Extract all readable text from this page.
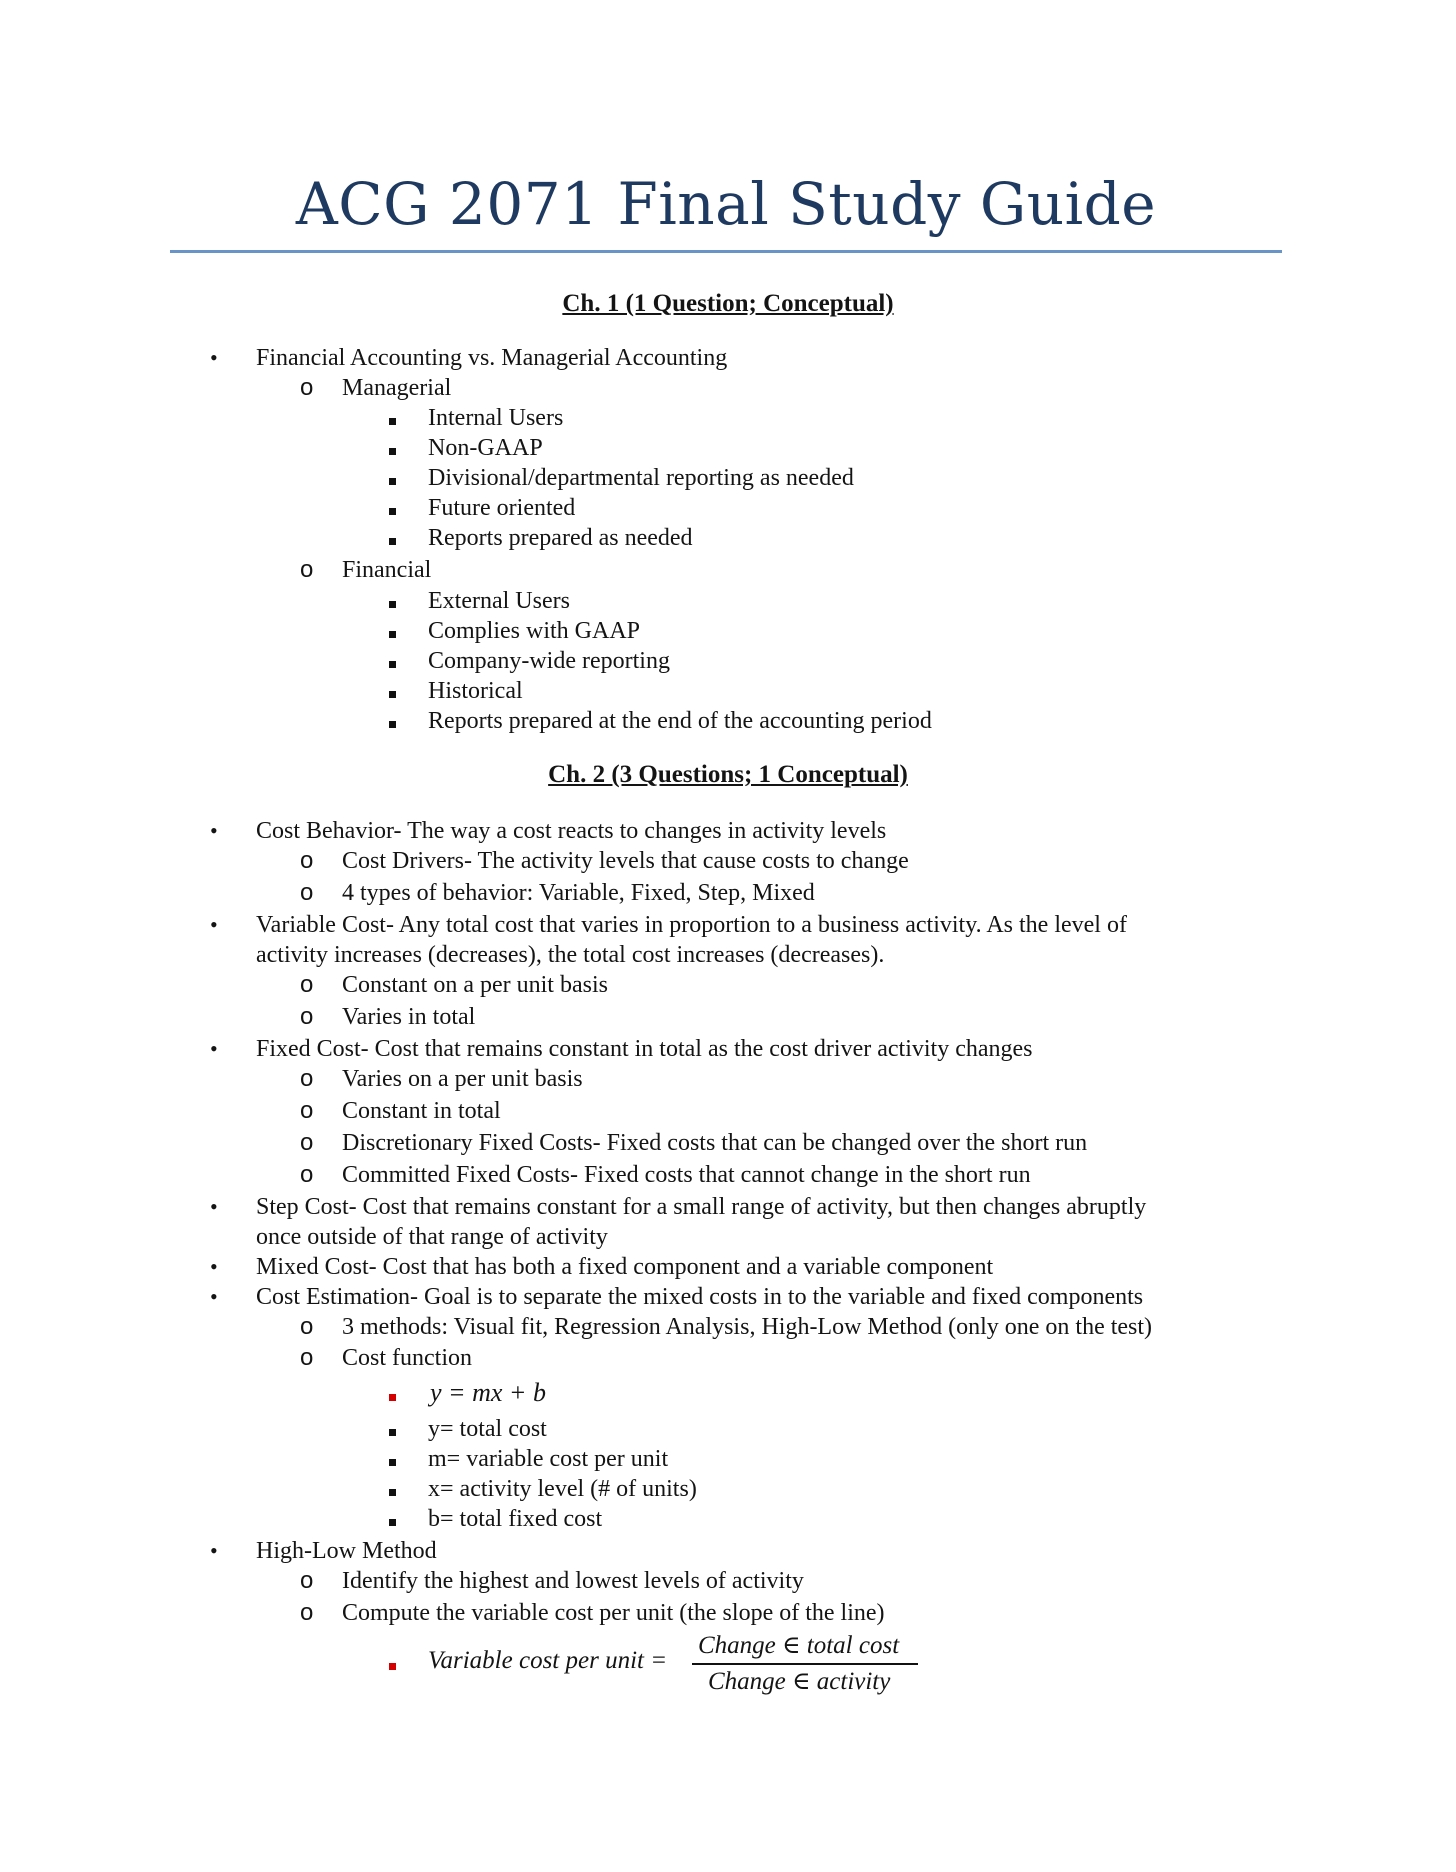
ACG 2071 Final Study Guide
Ch. 1 (1 Question; Conceptual)
• Financial Accounting vs. Managerial Accounting
o Managerial
Internal Users
Non-GAAP
Divisional/departmental reporting as needed
Future oriented
Reports prepared as needed
o Financial
External Users
Complies with GAAP
Company-wide reporting
Historical
Reports prepared at the end of the accounting period
Ch. 2 (3 Questions; 1 Conceptual)
• Cost Behavior- The way a cost reacts to changes in activity levels
o Cost Drivers- The activity levels that cause costs to change
o 4 types of behavior: Variable, Fixed, Step, Mixed
• Variable Cost- Any total cost that varies in proportion to a business activity. As the level of
activity increases (decreases), the total cost increases (decreases).
o Constant on a per unit basis
o Varies in total
• Fixed Cost- Cost that remains constant in total as the cost driver activity changes
o Varies on a per unit basis
o Constant in total
o Discretionary Fixed Costs- Fixed costs that can be changed over the short run
o Committed Fixed Costs- Fixed costs that cannot change in the short run
• Step Cost- Cost that remains constant for a small range of activity, but then changes abruptly
once outside of that range of activity
• Mixed Cost- Cost that has both a fixed component and a variable component
• Cost Estimation- Goal is to separate the mixed costs in to the variable and fixed components
o 3 methods: Visual fit, Regression Analysis, High-Low Method (only one on the test)
o Cost function
y = mx + b
y= total cost
m= variable cost per unit
x= activity level (# of units)
b= total fixed cost
• High-Low Method
o Identify the highest and lowest levels of activity
o Compute the variable cost per unit (the slope of the line)
Variable cost per unit =
Change ∈ total cost
Change ∈ activity
